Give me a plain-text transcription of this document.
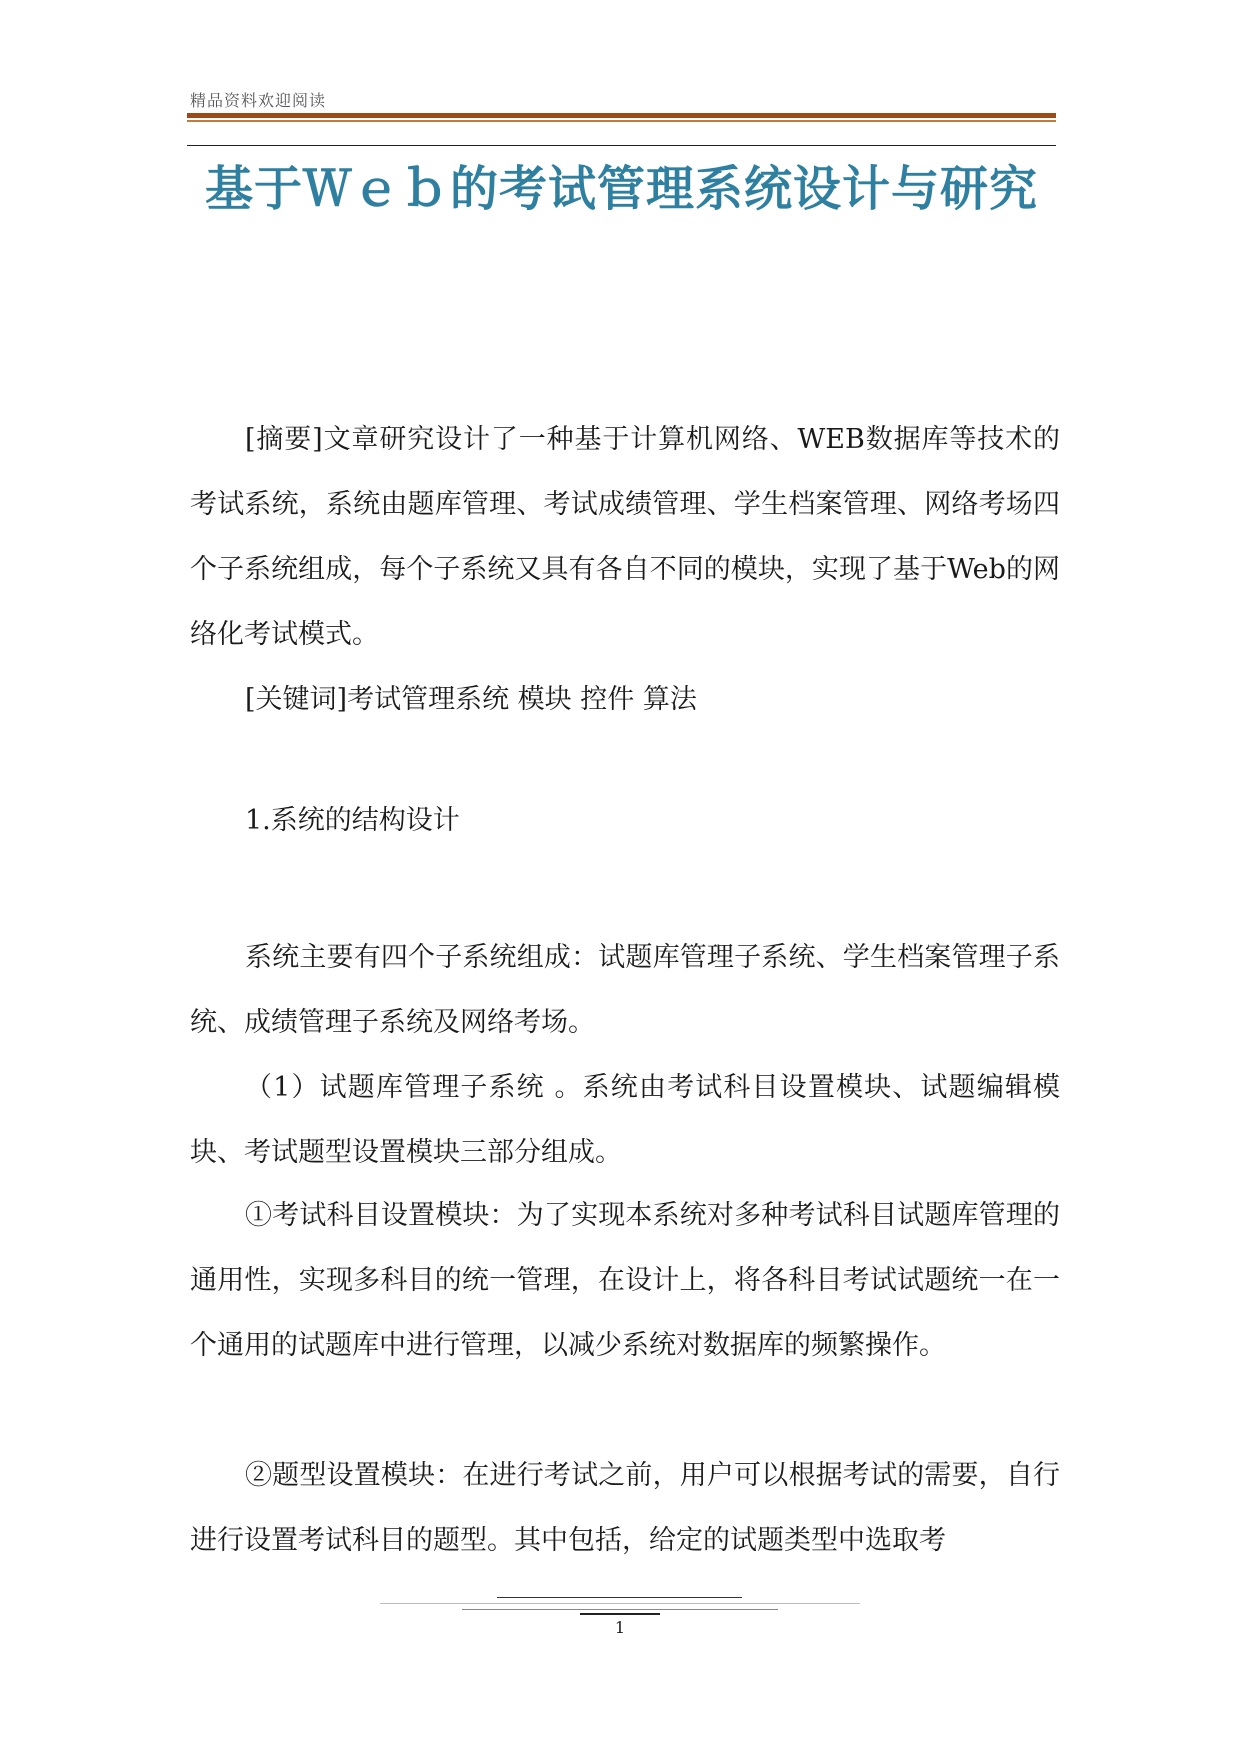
精品资料欢迎阅读
基于Ｗｅｂ的考试管理系统设计与研究

[摘要]文章研究设计了一种基于计算机网络、WEB数据库等技术的考试系统，系统由题库管理、考试成绩管理、学生档案管理、网络考场四个子系统组成，每个子系统又具有各自不同的模块，实现了基于Web的网络化考试模式。

[关键词]考试管理系统 模块 控件 算法

1.系统的结构设计

系统主要有四个子系统组成：试题库管理子系统、学生档案管理子系统、成绩管理子系统及网络考场。

（1）试题库管理子系统 。系统由考试科目设置模块、试题编辑模块、考试题型设置模块三部分组成。

①考试科目设置模块：为了实现本系统对多种考试科目试题库管理的通用性，实现多科目的统一管理，在设计上，将各科目考试试题统一在一个通用的试题库中进行管理，以减少系统对数据库的频繁操作。

②题型设置模块：在进行考试之前，用户可以根据考试的需要，自行进行设置考试科目的题型。其中包括，给定的试题类型中选取考

1
